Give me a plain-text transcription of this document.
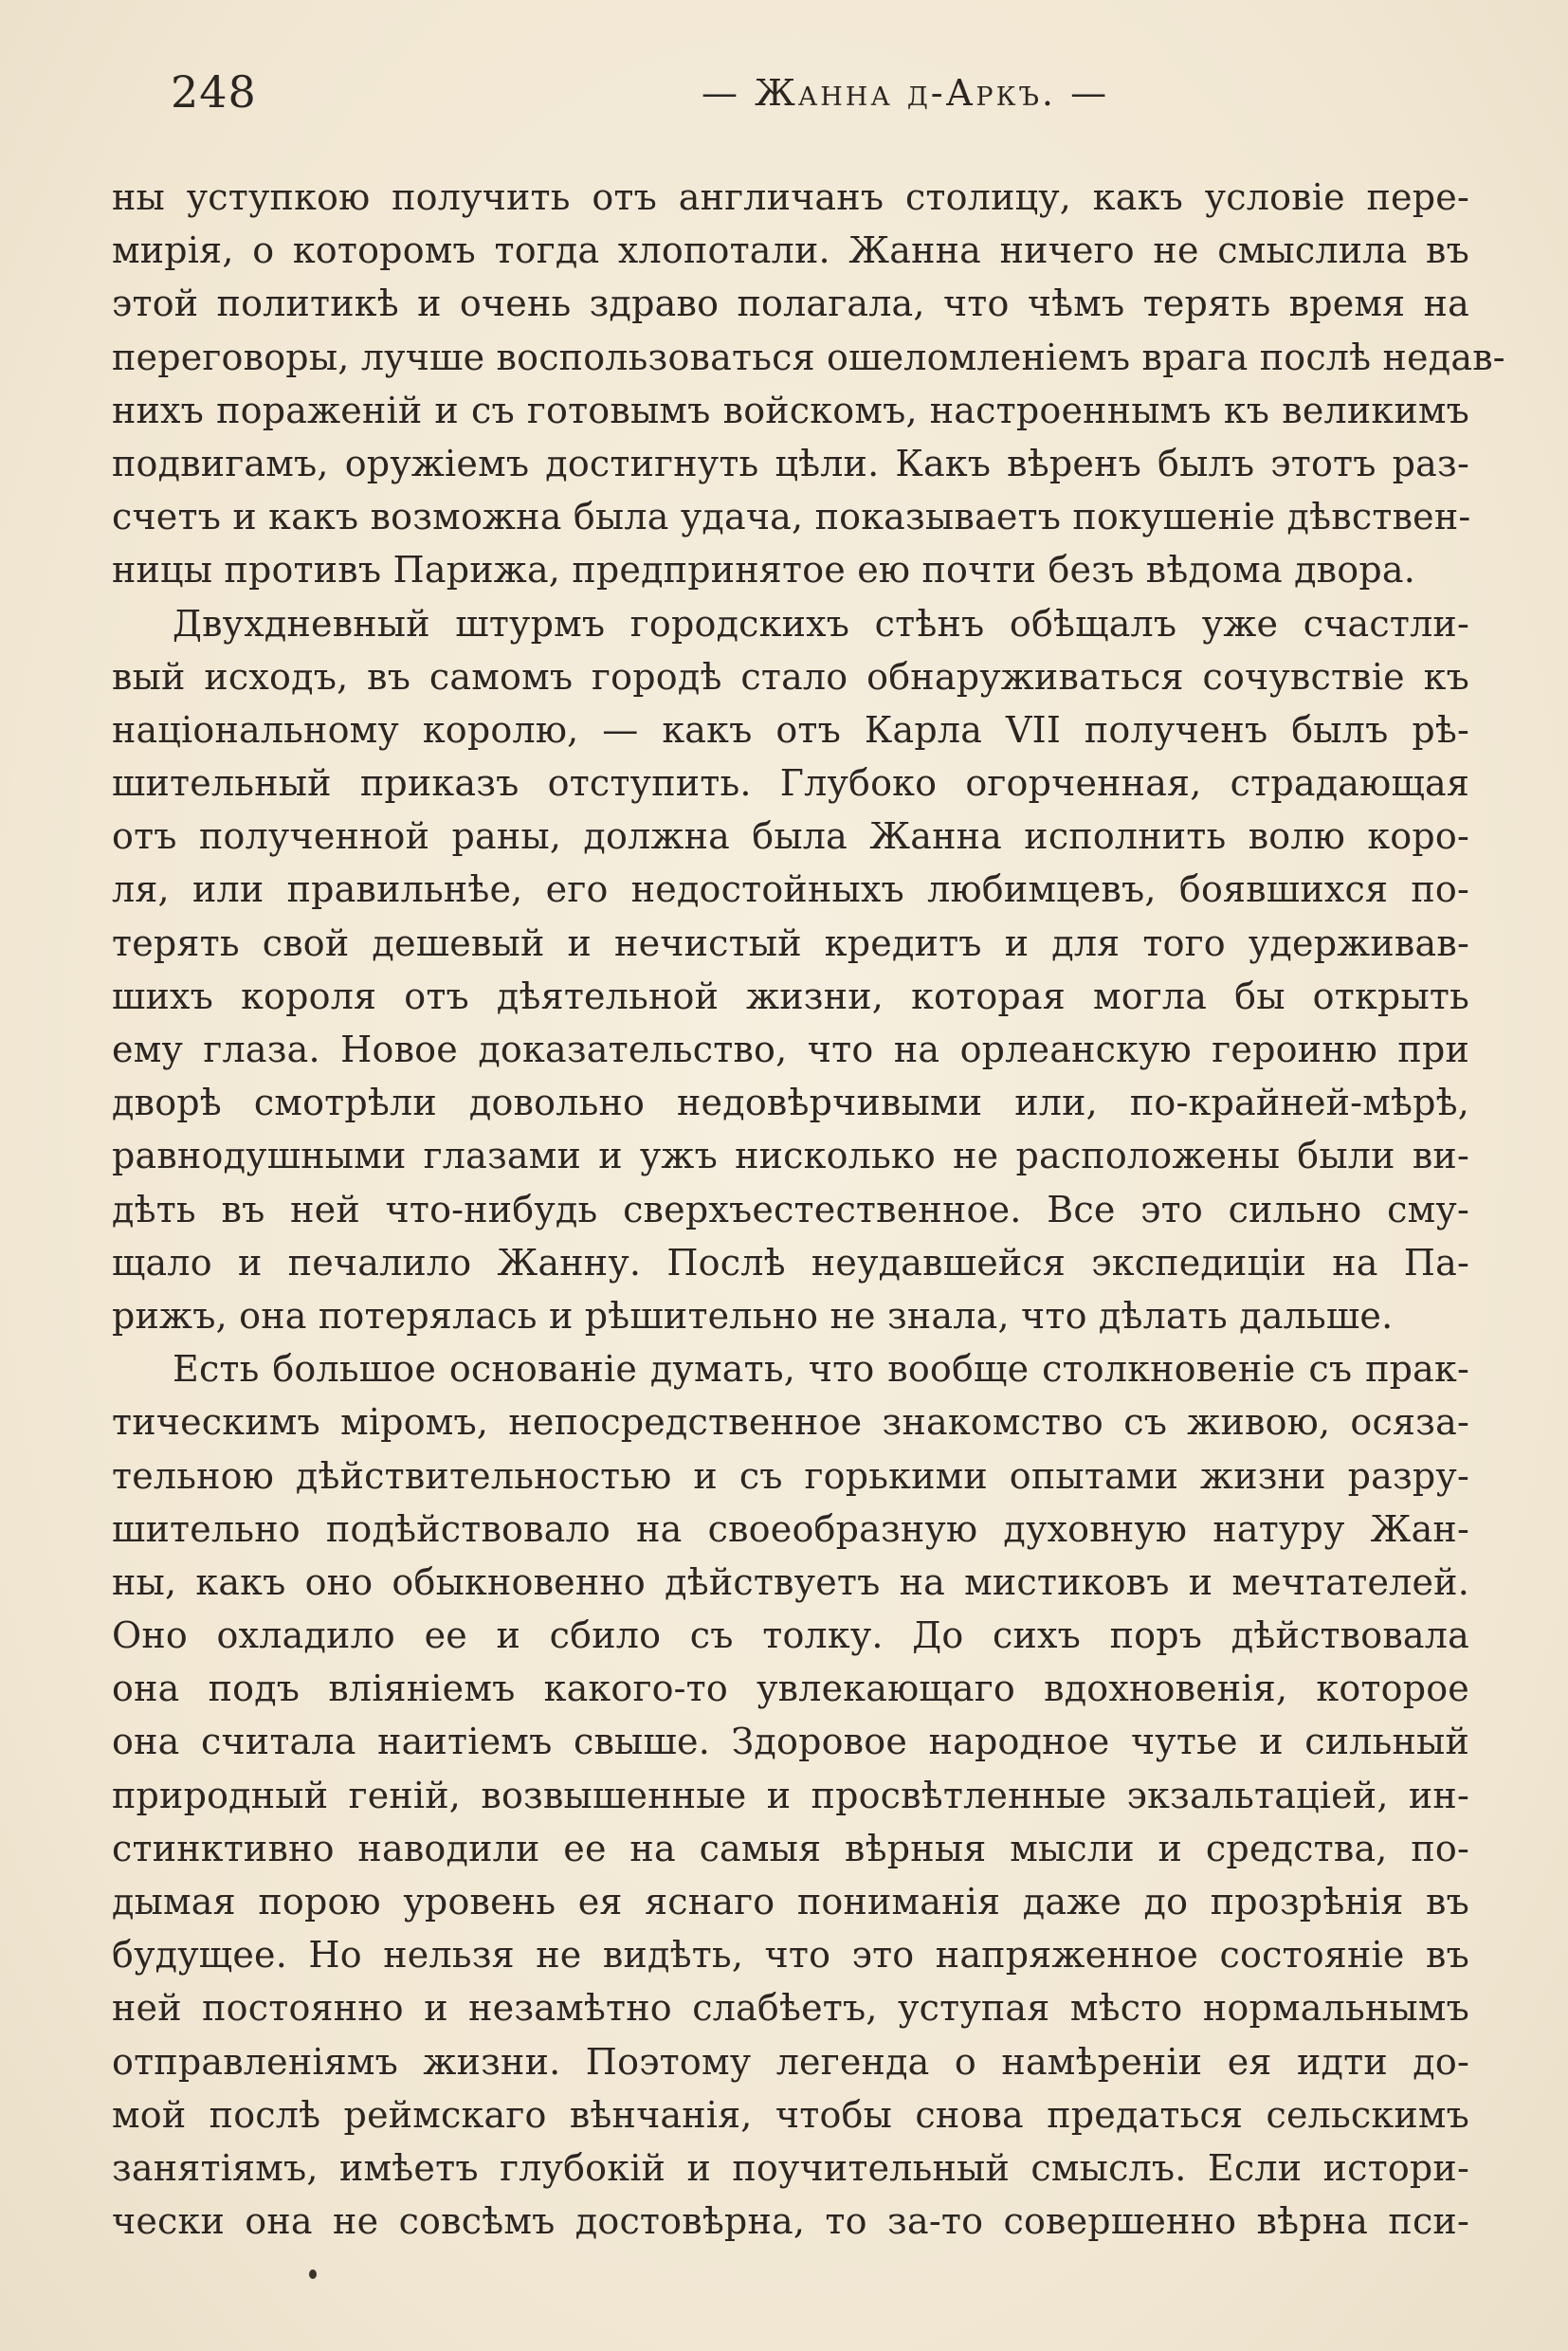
248	— Жанна д-Аркъ. —
ны уступкою получить отъ англичанъ столицу, какъ условіе пере-
мирія, о которомъ тогда хлопотали. Жанна ничего не смыслила въ
этой политикѣ и очень здраво полагала, что чѣмъ терять время на
переговоры, лучше воспользоваться ошеломленіемъ врага послѣ недав-
нихъ пораженій и съ готовымъ войскомъ, настроеннымъ къ великимъ
подвигамъ, оружіемъ достигнуть цѣли. Какъ вѣренъ былъ этотъ раз-
счетъ и какъ возможна была удача, показываетъ покушеніе дѣвствен-
ницы противъ Парижа, предпринятое ею почти безъ вѣдома двора.
Двухдневный штурмъ городскихъ стѣнъ обѣщалъ уже счастли-
вый исходъ, въ самомъ городѣ стало обнаруживаться сочувствіе къ
національному королю, — какъ отъ Карла VII полученъ былъ рѣ-
шительный приказъ отступить. Глубоко огорченная, страдающая
отъ полученной раны, должна была Жанна исполнить волю коро-
ля, или правильнѣе, его недостойныхъ любимцевъ, боявшихся по-
терять свой дешевый и нечистый кредитъ и для того удерживав-
шихъ короля отъ дѣятельной жизни, которая могла бы открыть
ему глаза. Новое доказательство, что на орлеанскую героиню при
дворѣ смотрѣли довольно недовѣрчивыми или, по-крайней-мѣрѣ,
равнодушными глазами и ужъ нисколько не расположены были ви-
дѣть въ ней что-нибудь сверхъестественное. Все это сильно сму-
щало и печалило Жанну. Послѣ неудавшейся экспедиціи на Па-
рижъ, она потерялась и рѣшительно не знала, что дѣлать дальше.
Есть большое основаніе думать, что вообще столкновеніе съ прак-
тическимъ міромъ, непосредственное знакомство съ живою, осяза-
тельною дѣйствительностью и съ горькими опытами жизни разру-
шительно подѣйствовало на своеобразную духовную натуру Жан-
ны, какъ оно обыкновенно дѣйствуетъ на мистиковъ и мечтателей.
Оно охладило ее и сбило съ толку. До сихъ поръ дѣйствовала
она подъ вліяніемъ какого-то увлекающаго вдохновенія, которое
она считала наитіемъ свыше. Здоровое народное чутье и сильный
природный геній, возвышенные и просвѣтленные экзальтаціей, ин-
стинктивно наводили ее на самыя вѣрныя мысли и средства, по-
дымая порою уровень ея яснаго пониманія даже до прозрѣнія въ
будущее. Но нельзя не видѣть, что это напряженное состояніе въ
ней постоянно и незамѣтно слабѣетъ, уступая мѣсто нормальнымъ
отправленіямъ жизни. Поэтому легенда о намѣреніи ея идти до-
мой послѣ реймскаго вѣнчанія, чтобы снова предаться сельскимъ
занятіямъ, имѣетъ глубокій и поучительный смыслъ. Если истори-
чески она не совсѣмъ достовѣрна, то за-то совершенно вѣрна пси-
